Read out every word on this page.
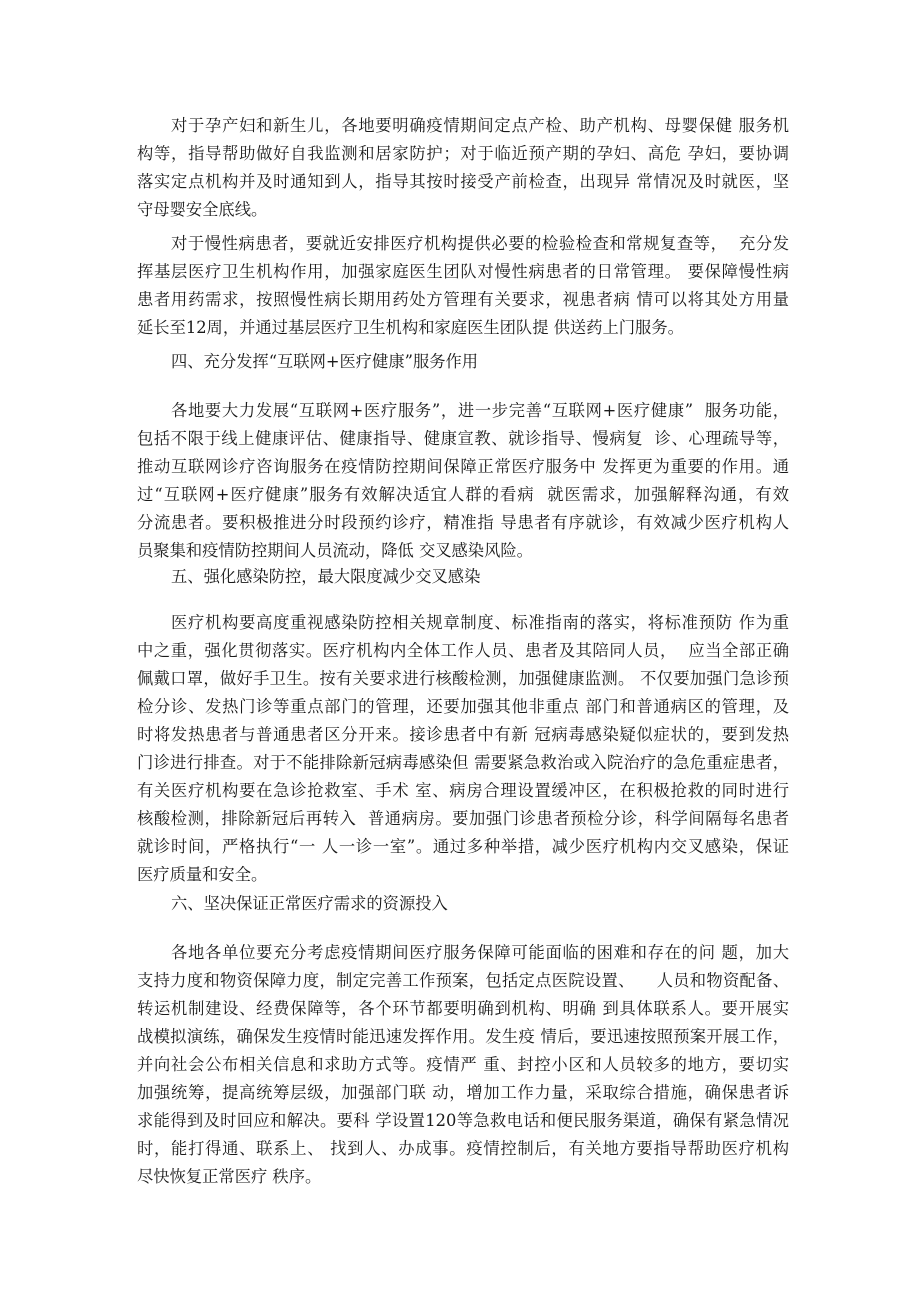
对于孕产妇和新生儿，各地要明确疫情期间定点产检、助产机构、母婴保健 服务机
构等，指导帮助做好自我监测和居家防护；对于临近预产期的孕妇、高危 孕妇，要协调
落实定点机构并及时通知到人，指导其按时接受产前检查，出现异 常情况及时就医，坚
守母婴安全底线。
对于慢性病患者，要就近安排医疗机构提供必要的检验检查和常规复查等，  充分发
挥基层医疗卫生机构作用，加强家庭医生团队对慢性病患者的日常管理。 要保障慢性病
患者用药需求，按照慢性病长期用药处方管理有关要求，视患者病 情可以将其处方用量
延长至12周，并通过基层医疗卫生机构和家庭医生团队提 供送药上门服务。
四、充分发挥“互联网+医疗健康”服务作用
各地要大力发展“互联网+医疗服务”，进一步完善“互联网+医疗健康”  服务功能，
包括不限于线上健康评估、健康指导、健康宣教、就诊指导、慢病复  诊、心理疏导等，
推动互联网诊疗咨询服务在疫情防控期间保障正常医疗服务中 发挥更为重要的作用。通
过“互联网+医疗健康”服务有效解决适宜人群的看病  就医需求，加强解释沟通，有效
分流患者。要积极推进分时段预约诊疗，精准指 导患者有序就诊，有效减少医疗机构人
员聚集和疫情防控期间人员流动，降低 交叉感染风险。
五、强化感染防控，最大限度减少交叉感染
医疗机构要高度重视感染防控相关规章制度、标准指南的落实，将标准预防 作为重
中之重，强化贯彻落实。医疗机构内全体工作人员、患者及其陪同人员，  应当全部正确
佩戴口罩，做好手卫生。按有关要求进行核酸检测，加强健康监测。 不仅要加强门急诊预
检分诊、发热门诊等重点部门的管理，还要加强其他非重点 部门和普通病区的管理，及
时将发热患者与普通患者区分开来。接诊患者中有新 冠病毒感染疑似症状的，要到发热
门诊进行排查。对于不能排除新冠病毒感染但 需要紧急救治或入院治疗的急危重症患者，
有关医疗机构要在急诊抢救室、手术 室、病房合理设置缓冲区，在积极抢救的同时进行
核酸检测，排除新冠后再转入  普通病房。要加强门诊患者预检分诊，科学间隔每名患者
就诊时间，严格执行“一 人一诊一室”。通过多种举措，减少医疗机构内交叉感染，保证
医疗质量和安全。
六、坚决保证正常医疗需求的资源投入
各地各单位要充分考虑疫情期间医疗服务保障可能面临的困难和存在的问 题，加大
支持力度和物资保障力度，制定完善工作预案，包括定点医院设置、    人员和物资配备、
转运机制建设、经费保障等，各个环节都要明确到机构、明确 到具体联系人。要开展实
战模拟演练，确保发生疫情时能迅速发挥作用。发生疫 情后，要迅速按照预案开展工作，
并向社会公布相关信息和求助方式等。疫情严 重、封控小区和人员较多的地方，要切实
加强统筹，提高统筹层级，加强部门联 动，增加工作力量，采取综合措施，确保患者诉
求能得到及时回应和解决。要科 学设置120等急救电话和便民服务渠道，确保有紧急情况
时，能打得通、联系上、 找到人、办成事。疫情控制后，有关地方要指导帮助医疗机构
尽快恢复正常医疗 秩序。
